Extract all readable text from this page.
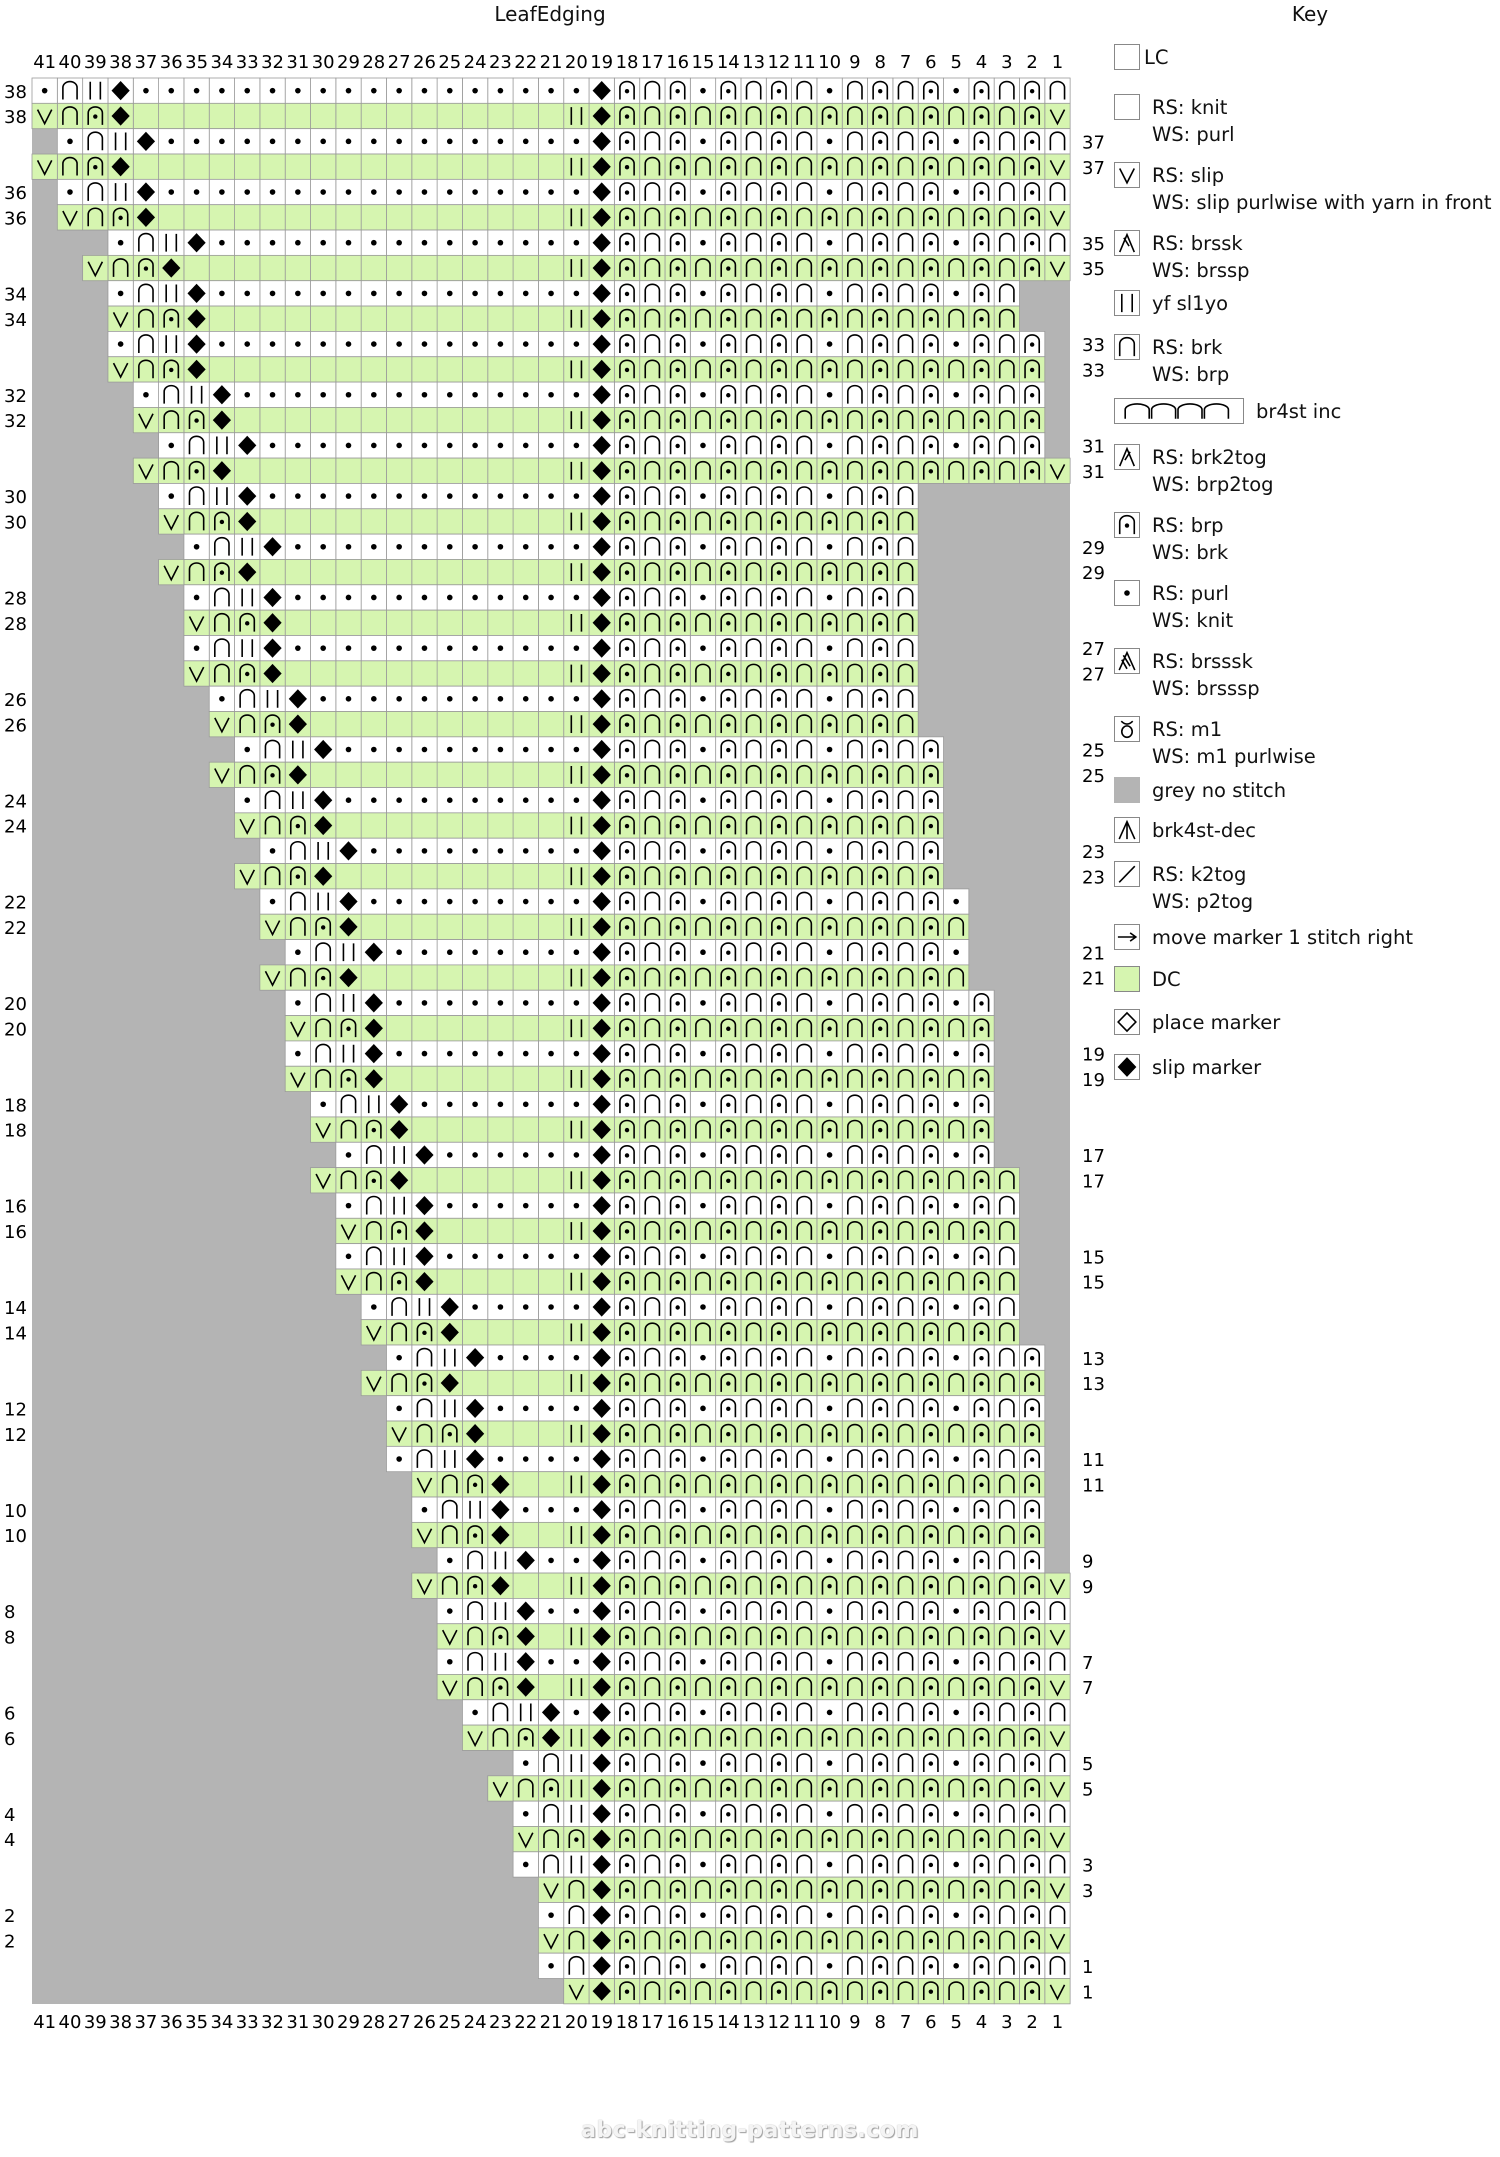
1
2
3
4
5
6
7
8
9
10
11
12
13
14
15
16
17
18
19
20
21
22
23
24
25
26
27
28
29
30
31
32
33
34
35
36
37
38
39
40
41
1
2
3
4
5
6
7
8
9
10
11
12
13
14
15
16
17
18
19
20
21
22
23
24
25
26
27
28
29
30
31
32
33
34
35
36
37
38
39
40
41
38
38
37
37
36
36
35
35
34
34
33
33
32
32
31
31
30
30
29
29
28
28
27
27
26
26
25
25
24
24
23
23
22
22
21
21
20
20
19
19
18
18
17
17
16
16
15
15
14
14
13
13
12
12
11
11
10
10
9
9
8
8
7
7
6
6
5
5
4
4
3
3
2
2
1
1
LeafEdging	Key
LC
RS: knit
WS: purl
RS: slip
WS: slip purlwise with yarn in front
RS: brssk
WS: brssp
yf sl1yo
RS: brk
WS: brp
br4st inc
RS: brk2tog
WS: brp2tog
RS: brp
WS: brk
RS: purl
WS: knit
RS: brsssk
WS: brsssp
RS: m1
WS: m1 purlwise
grey no stitch
brk4st-dec
RS: k2tog
WS: p2tog
move marker 1 stitch right
DC
place marker
slip marker
abc-knitting-patterns.com
